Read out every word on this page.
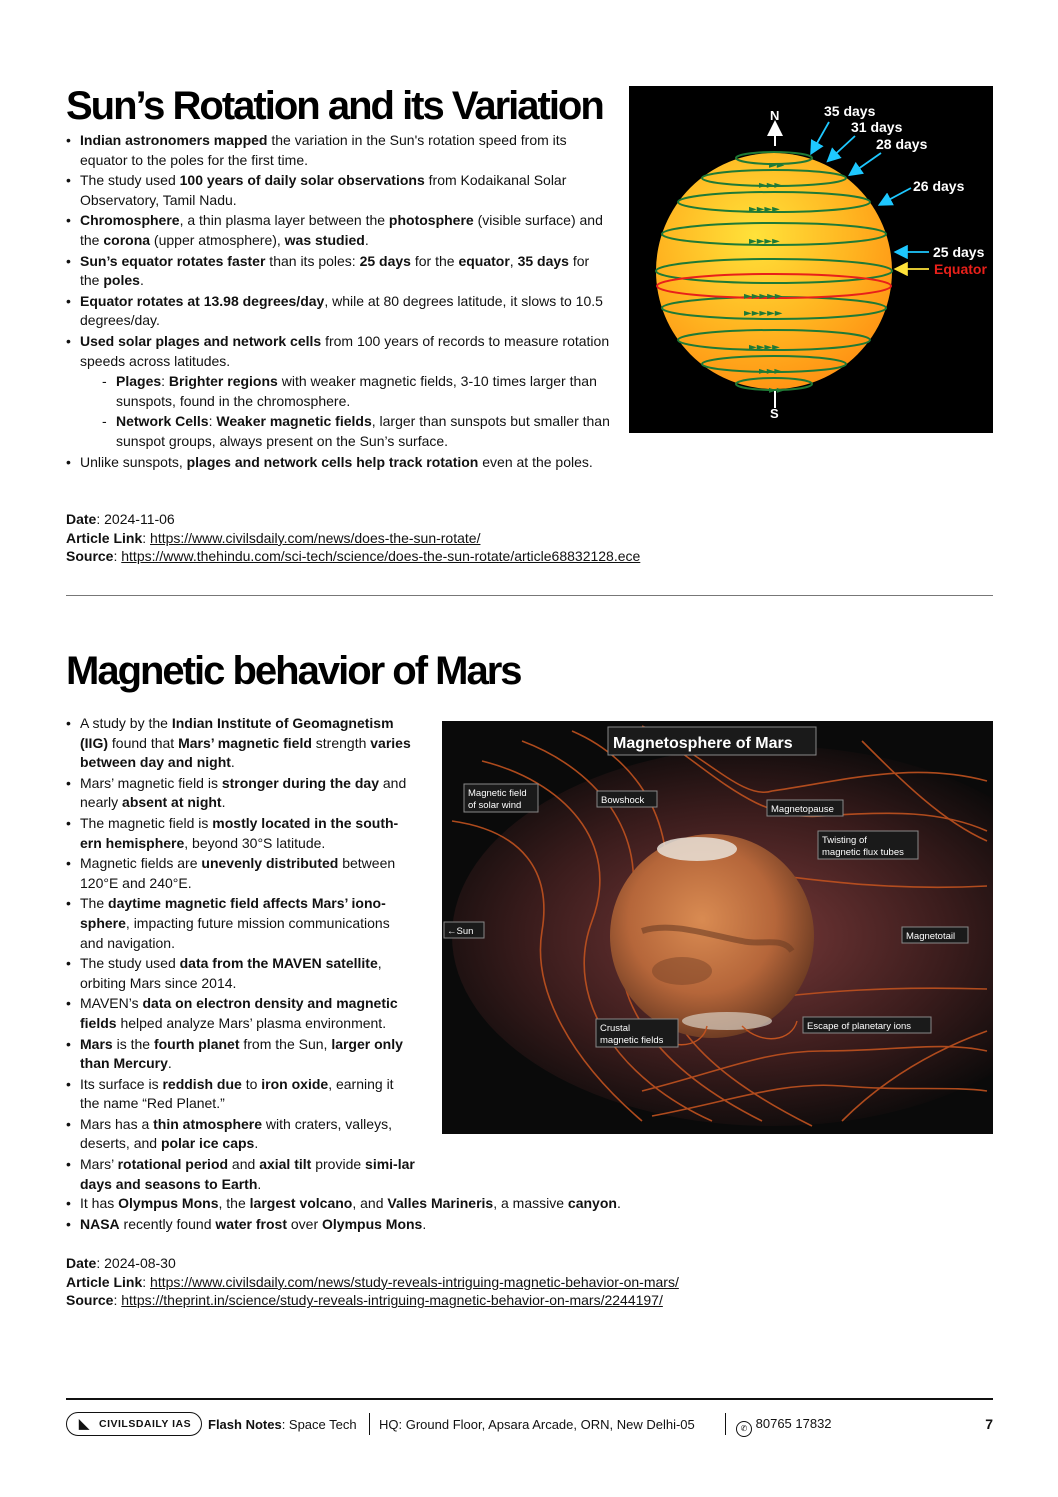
Sun’s Rotation and its Variation
• Indian astronomers mapped the variation in the Sun's rotation speed from its equator to the poles for the first time.
• The study used 100 years of daily solar observations from Kodaikanal Solar Observatory, Tamil Nadu.
• Chromosphere, a thin plasma layer between the photosphere (visible surface) and the corona (upper atmosphere), was studied.
• Sun’s equator rotates faster than its poles: 25 days for the equator, 35 days for the poles.
• Equator rotates at 13.98 degrees/day, while at 80 degrees latitude, it slows to 10.5 degrees/day.
• Used solar plages and network cells from 100 years of records to measure rotation speeds across latitudes.
- Plages: Brighter regions with weaker magnetic fields, 3-10 times larger than sunspots, found in the chromosphere.
- Network Cells: Weaker magnetic fields, larger than sunspots but smaller than sunspot groups, always present on the Sun’s surface.
• Unlike sunspots, plages and network cells help track rotation even at the poles.
►►
►►►
►►►►
►►►►
►►►►►
►►►►►
►►►►
►►►
►►
N
S
35 days
31 days
28 days
26 days
25 days
Equator
Date: 2024-11-06
Article Link: https://www.civilsdaily.com/news/does-the-sun-rotate/
Source: https://www.thehindu.com/sci-tech/science/does-the-sun-rotate/article68832128.ece
Magnetic behavior of Mars
• A study by the Indian Institute of Geomagnetism (IIG) found that Mars’ magnetic field strength varies between day and night.
• Mars’ magnetic field is stronger during the day and nearly absent at night.
• The magnetic field is mostly located in the south-ern hemisphere, beyond 30°S latitude.
• Magnetic fields are unevenly distributed between 120°E and 240°E.
• The daytime magnetic field affects Mars’ iono-sphere, impacting future mission communications and navigation.
• The study used data from the MAVEN satellite, orbiting Mars since 2014.
• MAVEN’s data on electron density and magnetic fields helped analyze Mars’ plasma environment.
• Mars is the fourth planet from the Sun, larger only than Mercury.
• Its surface is reddish due to iron oxide, earning it the name “Red Planet.”
• Mars has a thin atmosphere with craters, valleys, deserts, and polar ice caps.
• Mars’ rotational period and axial tilt provide simi-lar days and seasons to Earth.
• It has Olympus Mons, the largest volcano, and Valles Marineris, a massive canyon.
• NASA recently found water frost over Olympus Mons.
Magnetosphere of Mars
Magnetic field
of solar wind	Bowshock
Magnetopause
Twisting of
magnetic flux tubes
←Sun	Magnetotail
Crustal
magnetic fields
Escape of planetary ions
Date: 2024-08-30
Article Link: https://www.civilsdaily.com/news/study-reveals-intriguing-magnetic-behavior-on-mars/
Source: https://theprint.in/science/study-reveals-intriguing-magnetic-behavior-on-mars/2244197/
◣ CIVILSDAILY IAS Flash Notes: Space Tech HQ: Ground Floor, Apsara Arcade, ORN, New Delhi-05	✆ 80765 17832	7
